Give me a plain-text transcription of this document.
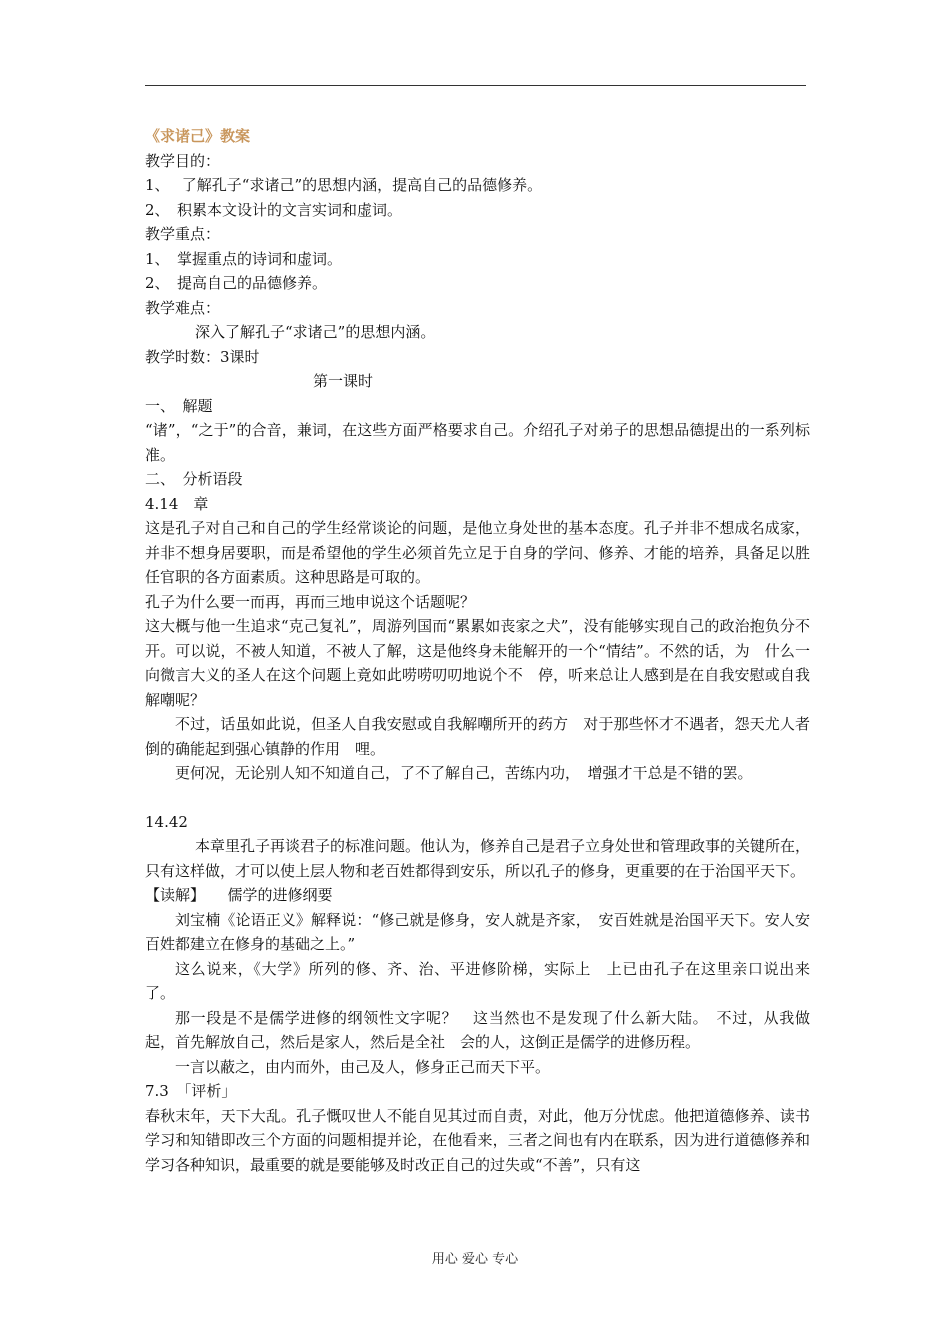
《求诸己》教案

教学目的：

1、　 了解孔子“求诸己”的思想内涵，提高自己的品德修养。

2、　积累本文设计的文言实词和虚词。

教学重点：

1、　掌握重点的诗词和虚词。

2、　提高自己的品德修养。

教学难点：

深入了解孔子“求诸己”的思想内涵。

教学时数：3课时

第一课时

一、　解题

“诸”，“之于”的合音，兼词，在这些方面严格要求自己。介绍孔子对弟子的思想品德提出的一系列标准。

二、　分析语段

4.14　章

这是孔子对自己和自己的学生经常谈论的问题，是他立身处世的基本态度。孔子并非不想成名成家，并非不想身居要职，而是希望他的学生必须首先立足于自身的学问、修养、才能的培养，具备足以胜任官职的各方面素质。这种思路是可取的。

孔子为什么要一而再，再而三地申说这个话题呢？

这大概与他一生追求“克己复礼”，周游列国而“累累如丧家之犬”，没有能够实现自己的政治抱负分不开。可以说，不被人知道，不被人了解，这是他终身未能解开的一个“情结”。不然的话，为　什么一向微言大义的圣人在这个问题上竟如此唠唠叨叨地说个不　停，听来总让人感到是在自我安慰或自我解嘲呢？

不过，话虽如此说，但圣人自我安慰或自我解嘲所开的药方　对于那些怀才不遇者，怨天尤人者倒的确能起到强心镇静的作用　哩。

更何况，无论别人知不知道自己，了不了解自己，苦练内功，　增强才干总是不错的罢。

14.42

本章里孔子再谈君子的标准问题。他认为，修养自己是君子立身处世和管理政事的关键所在，只有这样做，才可以使上层人物和老百姓都得到安乐，所以孔子的修身，更重要的在于治国平天下。

【读解】　　儒学的进修纲要

刘宝楠《论语正义》解释说：“修己就是修身，安人就是齐家，　安百姓就是治国平天下。安人安百姓都建立在修身的基础之上。”

这么说来，《大学》所列的修、齐、治、平进修阶梯，实际上　上已由孔子在这里亲口说出来了。

那一段是不是儒学进修的纲领性文字呢？　这当然也不是发现了什么新大陆。　不过，从我做起，首先解放自己，然后是家人，然后是全社　会的人，这倒正是儒学的进修历程。

一言以蔽之，由内而外，由己及人，修身正己而天下平。

7.3　「评析」

春秋末年，天下大乱。孔子慨叹世人不能自见其过而自责，对此，他万分忧虑。他把道德修养、读书学习和知错即改三个方面的问题相提并论，在他看来，三者之间也有内在联系，因为进行道德修养和学习各种知识，最重要的就是要能够及时改正自己的过失或“不善”，只有这

用心 爱心 专心
